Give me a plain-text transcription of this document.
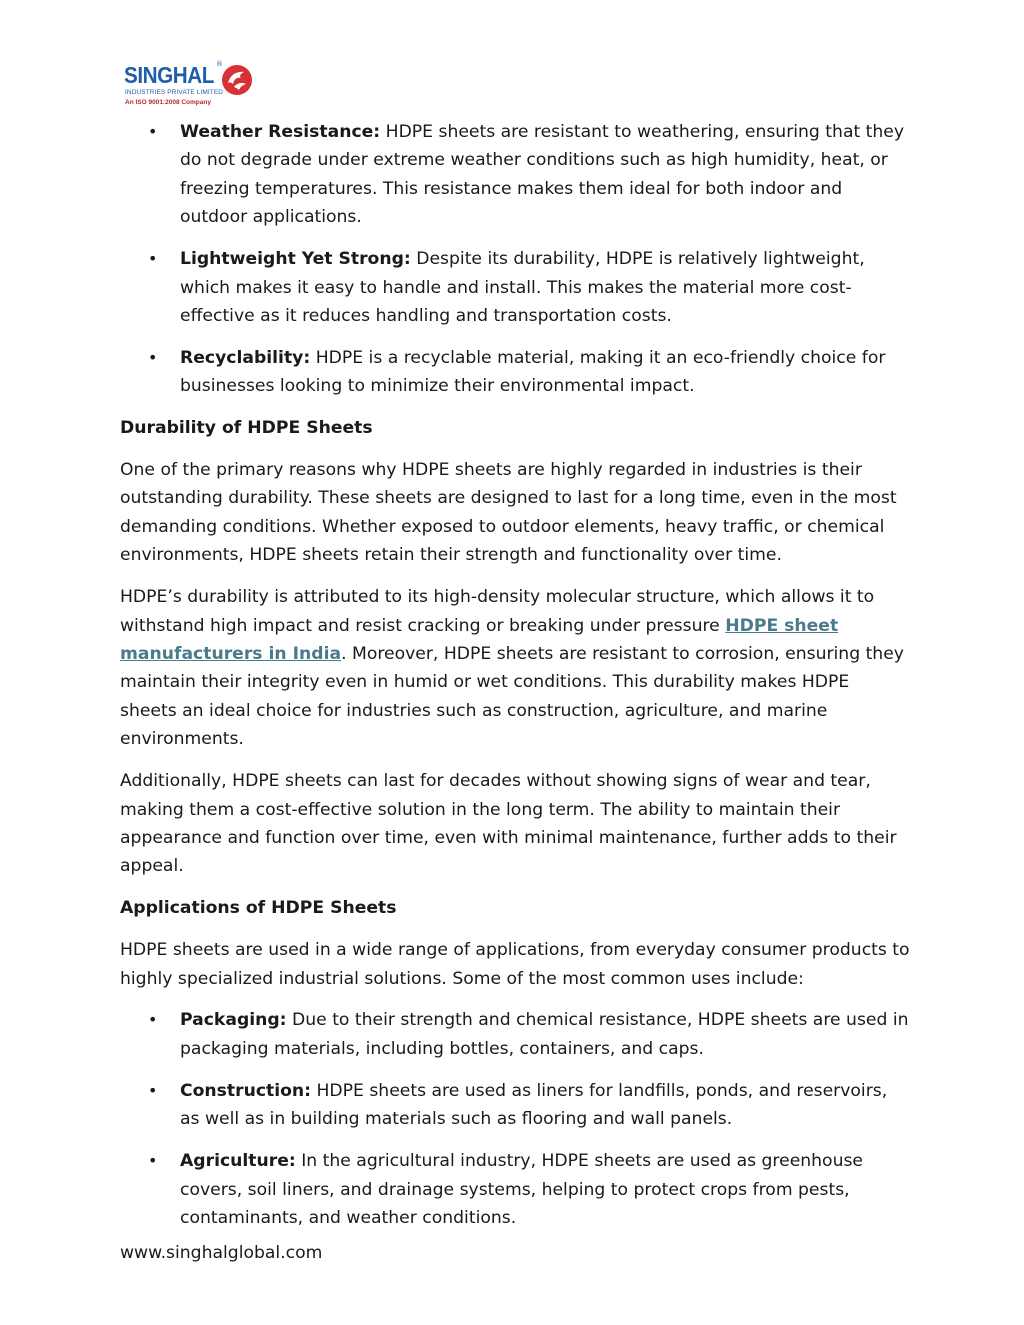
SINGHAL ®
INDUSTRIES PRIVATE LIMITED
An ISO 9001:2008 Company
• Weather Resistance: HDPE sheets are resistant to weathering, ensuring that they do not degrade under extreme weather conditions such as high humidity, heat, or freezing temperatures. This resistance makes them ideal for both indoor and outdoor applications.
• Lightweight Yet Strong: Despite its durability, HDPE is relatively lightweight, which makes it easy to handle and install. This makes the material more cost-effective as it reduces handling and transportation costs.
• Recyclability: HDPE is a recyclable material, making it an eco-friendly choice for businesses looking to minimize their environmental impact.
Durability of HDPE Sheets

One of the primary reasons why HDPE sheets are highly regarded in industries is their outstanding durability. These sheets are designed to last for a long time, even in the most demanding conditions. Whether exposed to outdoor elements, heavy traffic, or chemical environments, HDPE sheets retain their strength and functionality over time.

HDPE’s durability is attributed to its high-density molecular structure, which allows it to withstand high impact and resist cracking or breaking under pressure HDPE sheet manufacturers in India. Moreover, HDPE sheets are resistant to corrosion, ensuring they maintain their integrity even in humid or wet conditions. This durability makes HDPE sheets an ideal choice for industries such as construction, agriculture, and marine environments.

Additionally, HDPE sheets can last for decades without showing signs of wear and tear, making them a cost-effective solution in the long term. The ability to maintain their appearance and function over time, even with minimal maintenance, further adds to their appeal.

Applications of HDPE Sheets

HDPE sheets are used in a wide range of applications, from everyday consumer products to highly specialized industrial solutions. Some of the most common uses include:

• Packaging: Due to their strength and chemical resistance, HDPE sheets are used in packaging materials, including bottles, containers, and caps.
• Construction: HDPE sheets are used as liners for landfills, ponds, and reservoirs, as well as in building materials such as flooring and wall panels.
• Agriculture: In the agricultural industry, HDPE sheets are used as greenhouse covers, soil liners, and drainage systems, helping to protect crops from pests, contaminants, and weather conditions.
www.singhalglobal.com
